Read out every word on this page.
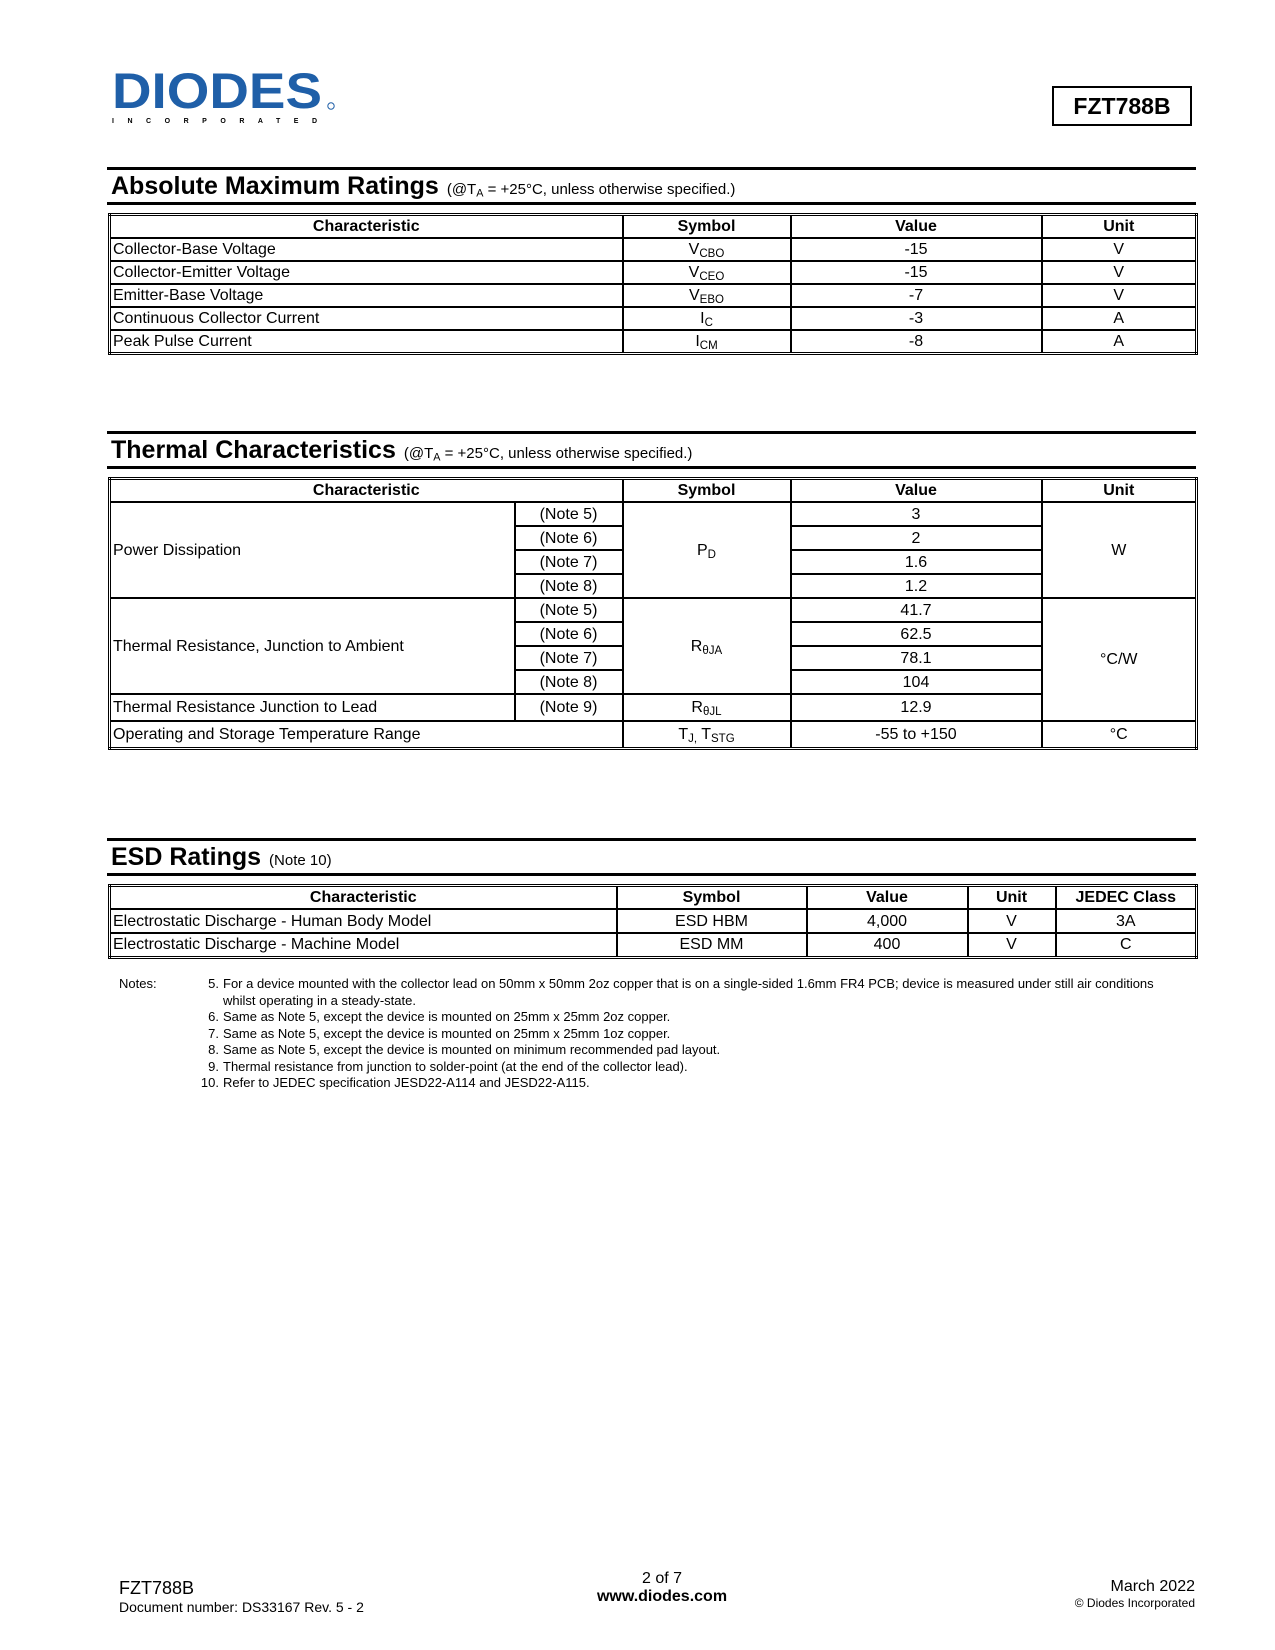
DIODES
INCORPORATED
FZT788B
Absolute Maximum Ratings ($@T_A = +25^\circ C$, unless otherwise specified.)
Characteristic	Symbol	Value	Unit
Collector-Base Voltage	$V_{CBO}$	-15	V
Collector-Emitter Voltage	$V_{CEO}$	-15	V
Emitter-Base Voltage	$V_{EBO}$	-7	V
Continuous Collector Current	$I_C$	-3	A
Peak Pulse Current	$I_{CM}$	-8	A
Thermal Characteristics ($@T_A = +25^\circ C$, unless otherwise specified.)
Characteristic		Symbol	Value	Unit
Power Dissipation	(Note 5)	$P_D$	3	W
	(Note 6)		2	
	(Note 7)		1.6	
	(Note 8)		1.2	
Thermal Resistance, Junction to Ambient	(Note 5)	$R_{\theta JA}$	41.7	°C/W
	(Note 6)		62.5	
	(Note 7)		78.1	
	(Note 8)		104	
Thermal Resistance Junction to Lead	(Note 9)	$R_{\theta JL}$	12.9	
Operating and Storage Temperature Range		$T_{J,}$ $T_{STG}$	-55 to +150	°C
ESD Ratings (Note 10)
Characteristic	Symbol	Value	Unit	JEDEC Class
Electrostatic Discharge - Human Body Model	ESD HBM	4,000	V	3A
Electrostatic Discharge - Machine Model	ESD MM	400	V	C
Notes:	5. For a device mounted with the collector lead on 50mm x 50mm 2oz copper that is on a single-sided 1.6mm FR4 PCB; device is measured under still air conditions whilst operating in a steady-state.
6. Same as Note 5, except the device is mounted on 25mm x 25mm 2oz copper.
7. Same as Note 5, except the device is mounted on 25mm x 25mm 1oz copper.
8. Same as Note 5, except the device is mounted on minimum recommended pad layout.
9. Thermal resistance from junction to solder-point (at the end of the collector lead).
10. Refer to JEDEC specification JESD22-A114 and JESD22-A115.
FZT788B
Document number: DS33167 Rev. 5 - 2
2 of 7
www.diodes.com
March 2022
© Diodes Incorporated
